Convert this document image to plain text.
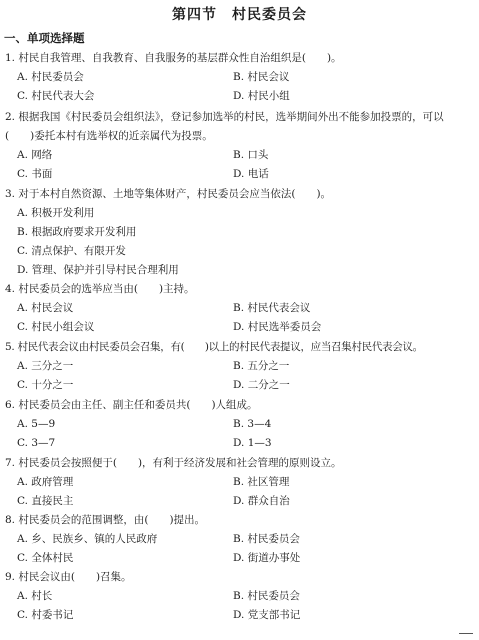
第四节　村民委员会
一、单项选择题
1. 村民自我管理、自我教育、自我服务的基层群众性自治组织是(　　)。
A. 村民委员会	B. 村民会议
C. 村民代表大会	D. 村民小组
2. 根据我国《村民委员会组织法》，登记参加选举的村民，选举期间外出不能参加投票的，可以
(　　)委托本村有选举权的近亲属代为投票。
A. 网络	B. 口头
C. 书面	D. 电话
3. 对于本村自然资源、土地等集体财产，村民委员会应当依法(　　)。
A. 积极开发利用
B. 根据政府要求开发利用
C. 清点保护、有限开发
D. 管理、保护并引导村民合理利用
4. 村民委员会的选举应当由(　　)主持。
A. 村民会议	B. 村民代表会议
C. 村民小组会议	D. 村民选举委员会
5. 村民代表会议由村民委员会召集，有(　　)以上的村民代表提议，应当召集村民代表会议。
A. 三分之一	B. 五分之一
C. 十分之一	D. 二分之一
6. 村民委员会由主任、副主任和委员共(　　)人组成。
A. 5—9	B. 3—4
C. 3—7	D. 1—3
7. 村民委员会按照便于(　　)，有利于经济发展和社会管理的原则设立。
A. 政府管理	B. 社区管理
C. 直接民主	D. 群众自治
8. 村民委员会的范围调整，由(　　)提出。
A. 乡、民族乡、镇的人民政府	B. 村民委员会
C. 全体村民	D. 街道办事处
9. 村民会议由(　　)召集。
A. 村长	B. 村民委员会
C. 村委书记	D. 党支部书记
